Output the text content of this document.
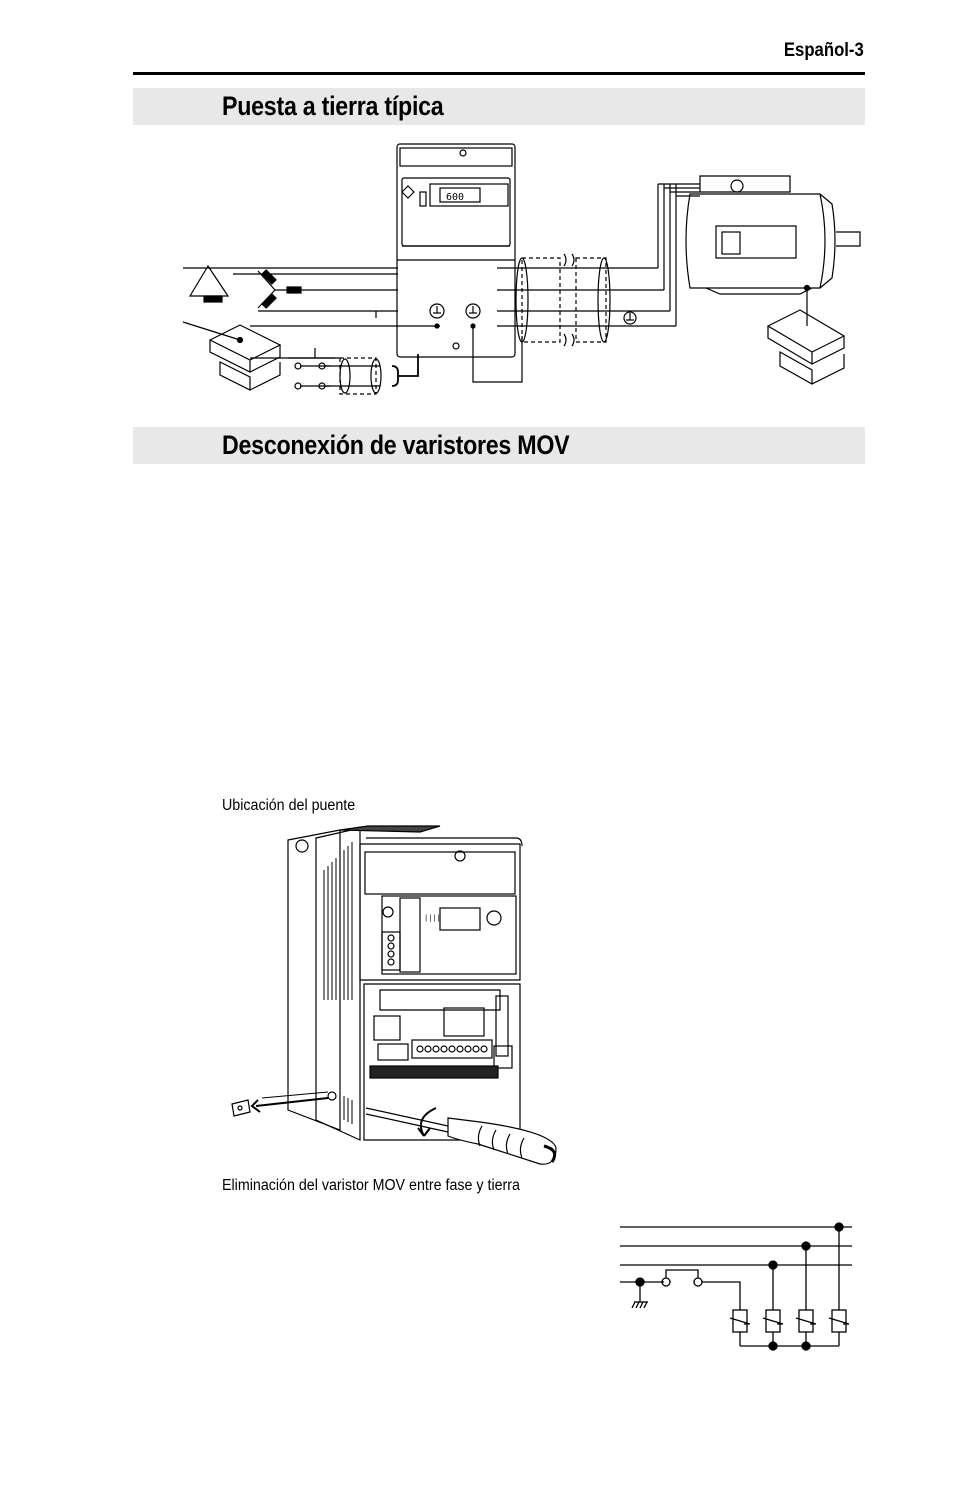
Español-3
Puesta a tierra típica
600
Desconexión de varistores MOV
Ubicación del puente
||||
Eliminación del varistor MOV entre fase y tierra
